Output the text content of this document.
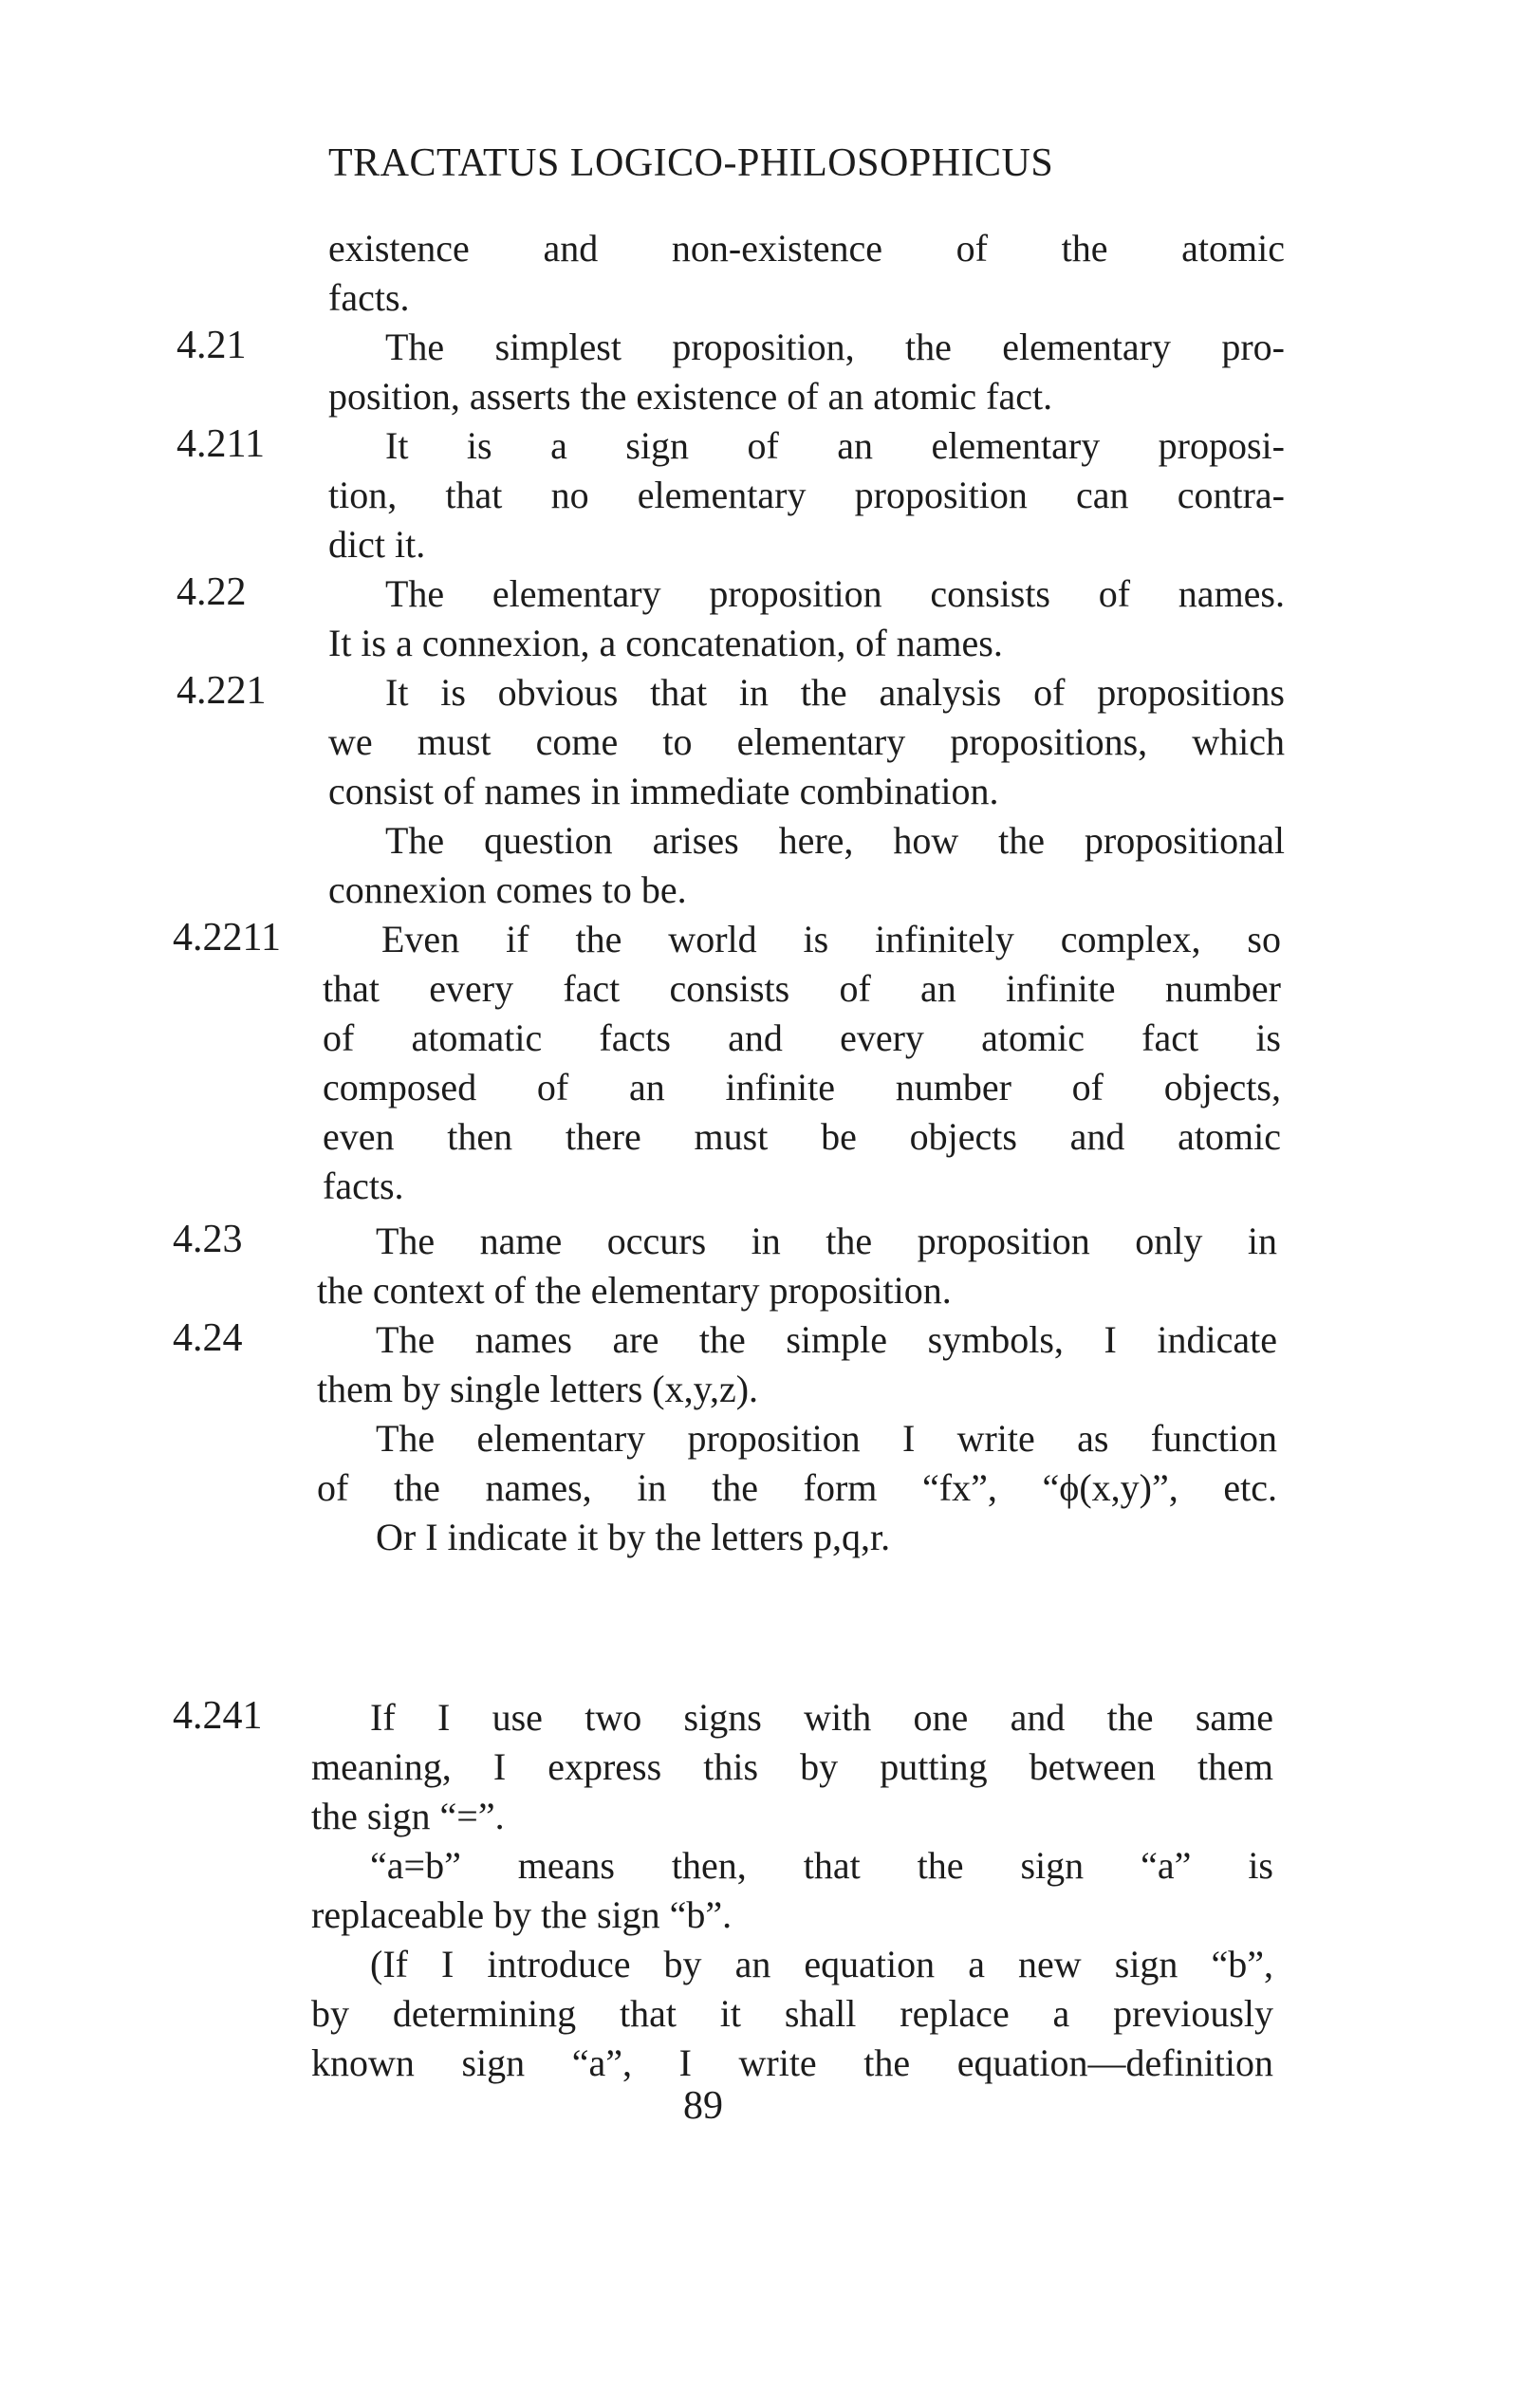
TRACTATUS LOGICO-PHILOSOPHICUS
existence and non-existence of the atomic
facts.
4.21	The simplest proposition, the elementary pro-
position, asserts the existence of an atomic fact.
4.211	It is a sign of an elementary proposi-
tion, that no elementary proposition can contra-
dict it.
4.22	The elementary proposition consists of names.
It is a connexion, a concatenation, of names.
4.221	It is obvious that in the analysis of propositions
we must come to elementary propositions, which
consist of names in immediate combination.
The question arises here, how the propositional
connexion comes to be.
4.2211	Even if the world is infinitely complex, so
that every fact consists of an infinite number
of atomatic facts and every atomic fact is
composed of an infinite number of objects,
even then there must be objects and atomic
facts.
4.23	The name occurs in the proposition only in
the context of the elementary proposition.
4.24	The names are the simple symbols, I indicate
them by single letters (x,y,z).
The elementary proposition I write as function
of the names, in the form “fx”, “ϕ(x,y)”, etc.
Or I indicate it by the letters p,q,r.
4.241	If I use two signs with one and the same
meaning, I express this by putting between them
the sign “=”.
“a=b” means then, that the sign “a” is
replaceable by the sign “b”.
(If I introduce by an equation a new sign “b”,
by determining that it shall replace a previously
known sign “a”, I write the equation—definition
89
